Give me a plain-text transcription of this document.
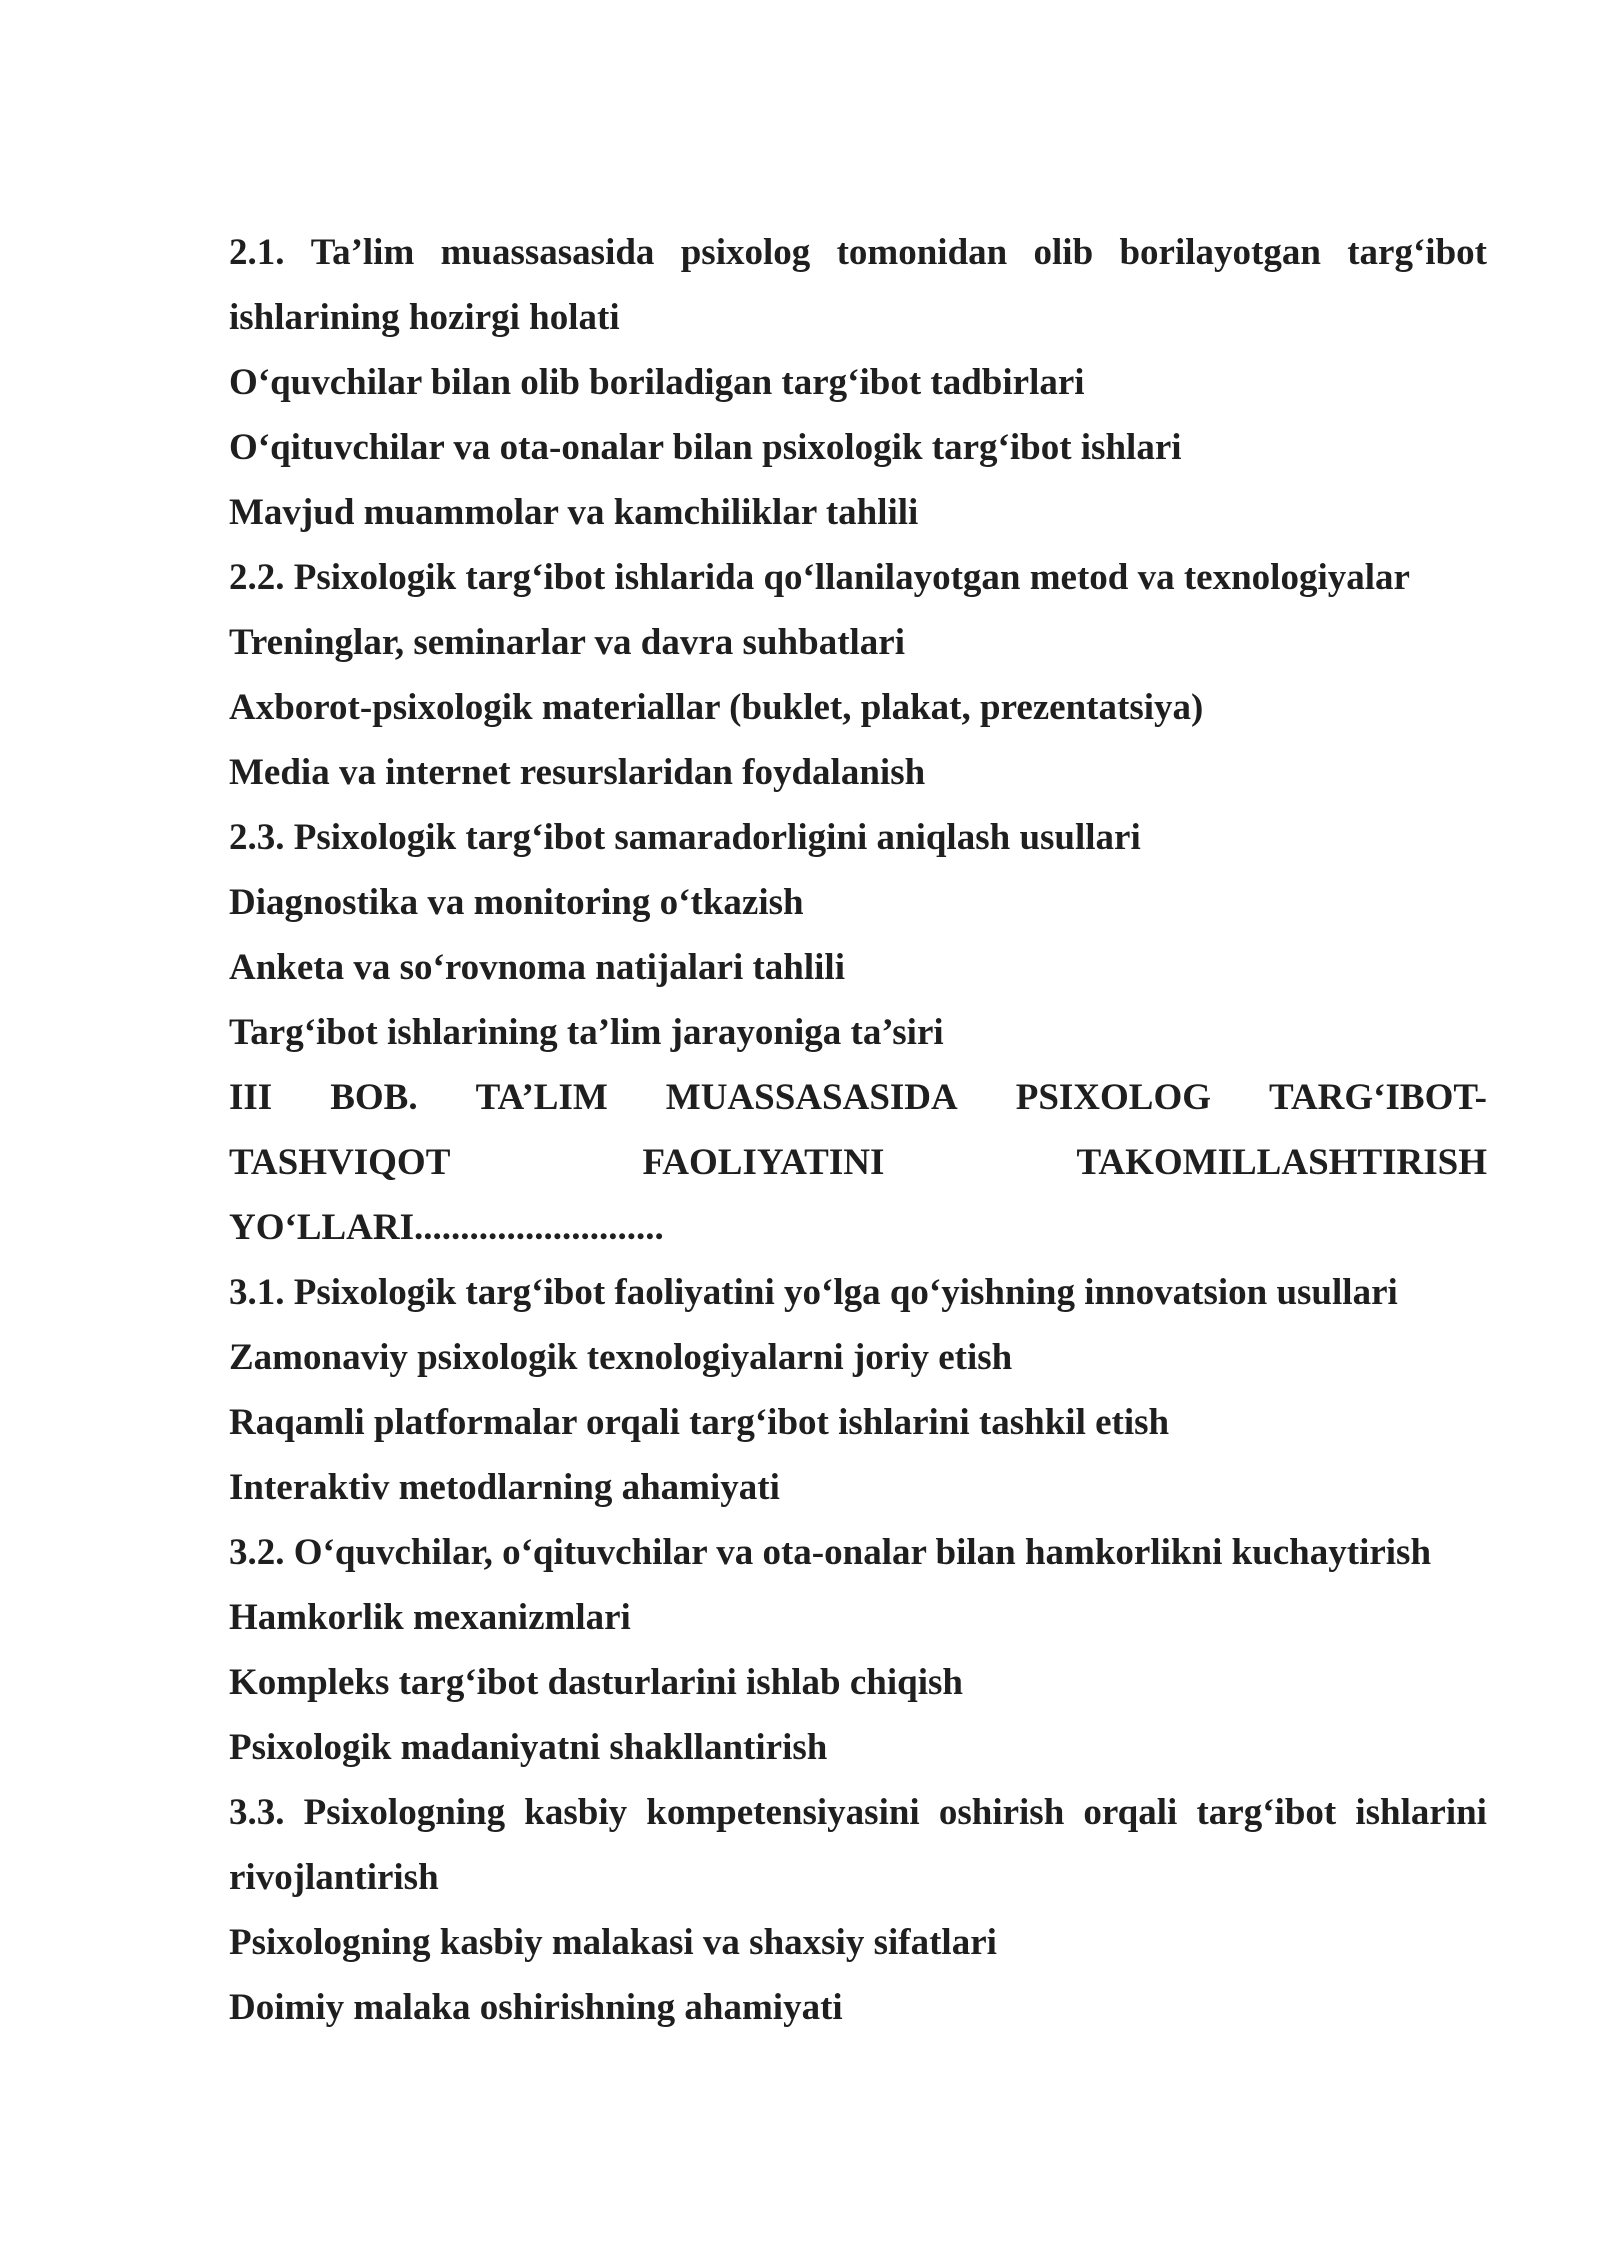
2.1. Ta’lim muassasasida psixolog tomonidan olib borilayotgan targ‘ibot
ishlarining hozirgi holati
O‘quvchilar bilan olib boriladigan targ‘ibot tadbirlari
O‘qituvchilar va ota-onalar bilan psixologik targ‘ibot ishlari
Mavjud muammolar va kamchiliklar tahlili
2.2. Psixologik targ‘ibot ishlarida qo‘llanilayotgan metod va texnologiyalar
Treninglar, seminarlar va davra suhbatlari
Axborot-psixologik materiallar (buklet, plakat, prezentatsiya)
Media va internet resurslaridan foydalanish
2.3. Psixologik targ‘ibot samaradorligini aniqlash usullari
Diagnostika va monitoring o‘tkazish
Anketa va so‘rovnoma natijalari tahlili
Targ‘ibot ishlarining ta’lim jarayoniga ta’siri
III BOB. TA’LIM MUASSASASIDA PSIXOLOG TARG‘IBOT-
TASHVIQOT	FAOLIYATINI	TAKOMILLASHTIRISH
YO‘LLARI...........................
3.1. Psixologik targ‘ibot faoliyatini yo‘lga qo‘yishning innovatsion usullari
Zamonaviy psixologik texnologiyalarni joriy etish
Raqamli platformalar orqali targ‘ibot ishlarini tashkil etish
Interaktiv metodlarning ahamiyati
3.2. O‘quvchilar, o‘qituvchilar va ota-onalar bilan hamkorlikni kuchaytirish
Hamkorlik mexanizmlari
Kompleks targ‘ibot dasturlarini ishlab chiqish
Psixologik madaniyatni shakllantirish
3.3. Psixologning kasbiy kompetensiyasini oshirish orqali targ‘ibot ishlarini
rivojlantirish
Psixologning kasbiy malakasi va shaxsiy sifatlari
Doimiy malaka oshirishning ahamiyati
